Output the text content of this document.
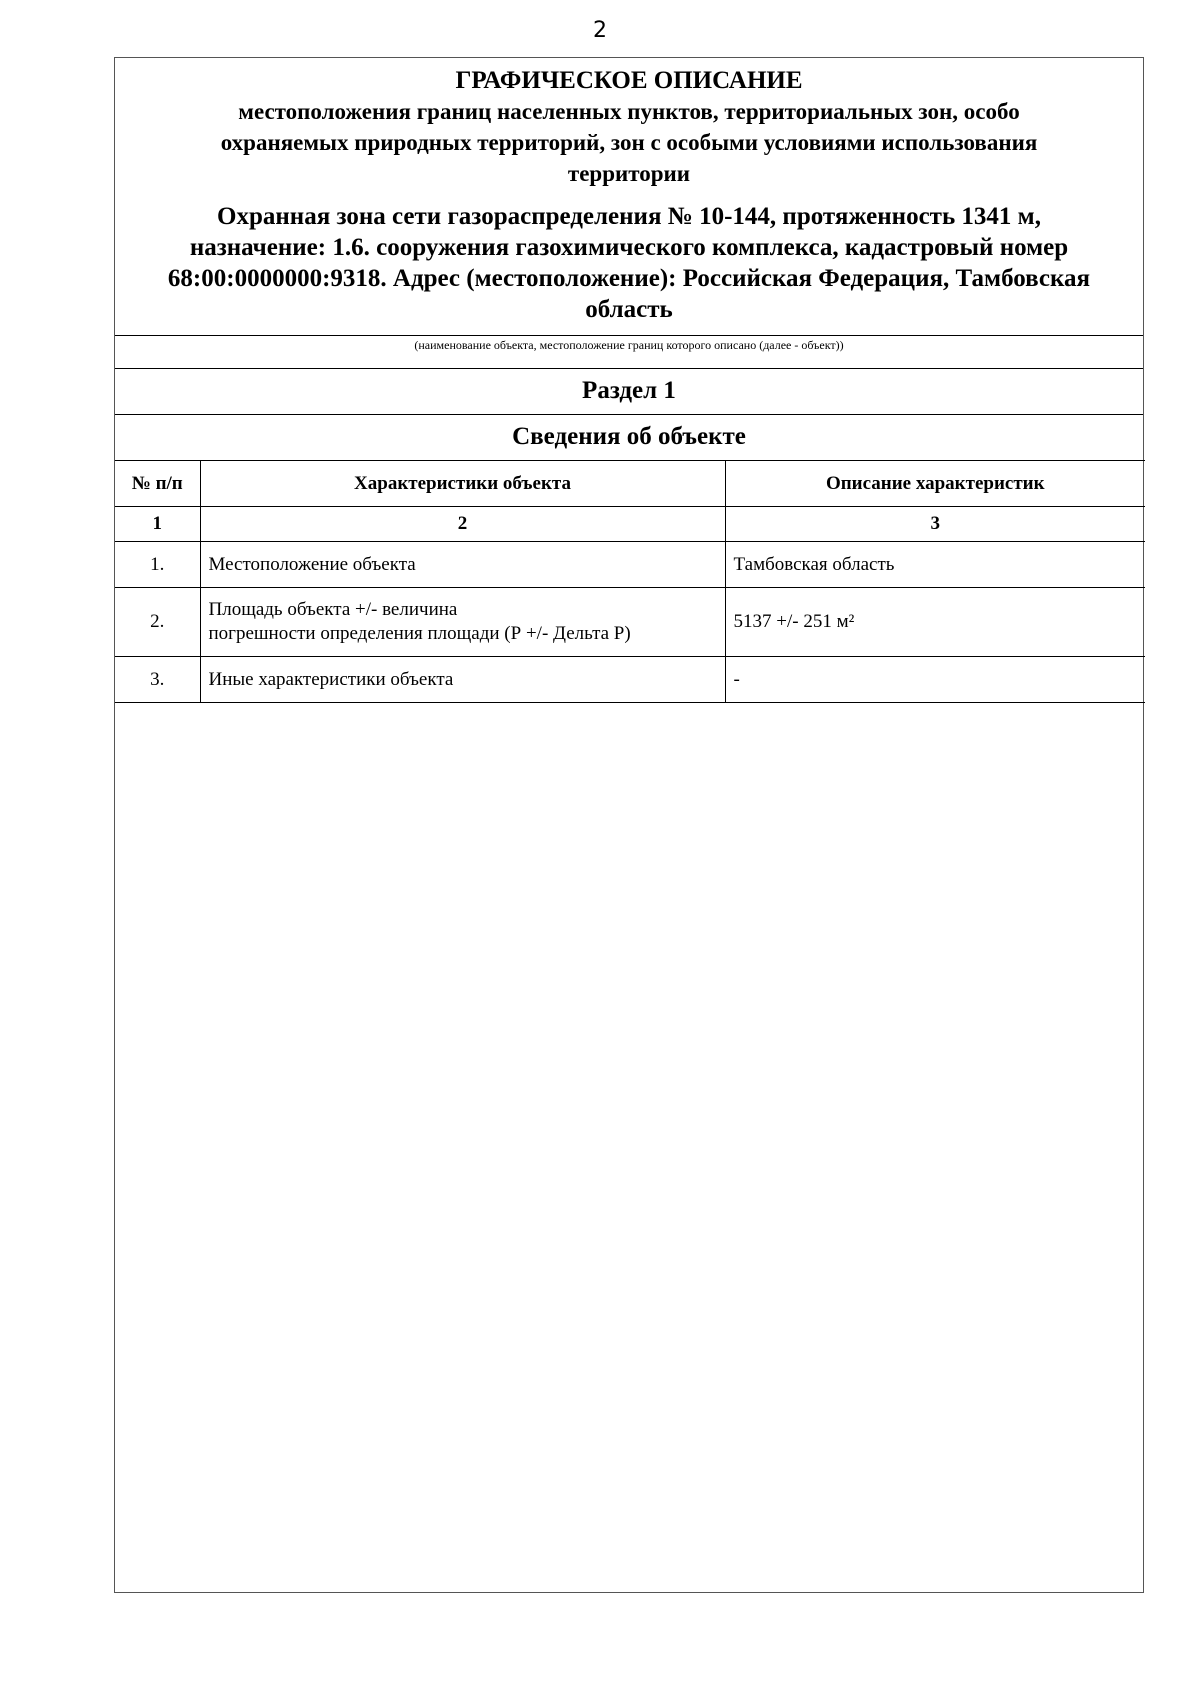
2
ГРАФИЧЕСКОЕ ОПИСАНИЕ
местоположения границ населенных пунктов, территориальных зон, особо
охраняемых природных территорий, зон с особыми условиями использования
территории
Охранная зона сети газораспределения № 10-144, протяженность 1341 м,
назначение: 1.6. сооружения газохимического комплекса, кадастровый номер
68:00:0000000:9318. Адрес (местоположение): Российская Федерация, Тамбовская
область
(наименование объекта, местоположение границ которого описано (далее - объект))
Раздел 1
Сведения об объекте
№ п/п	Характеристики объекта	Описание характеристик
1	2	3
1.	Местоположение объекта	Тамбовская область
2.	Площадь объекта +/- величина
погрешности определения площади (Р +/- Дельта Р)	5137 +/- 251 м²
3.	Иные характеристики объекта	-
